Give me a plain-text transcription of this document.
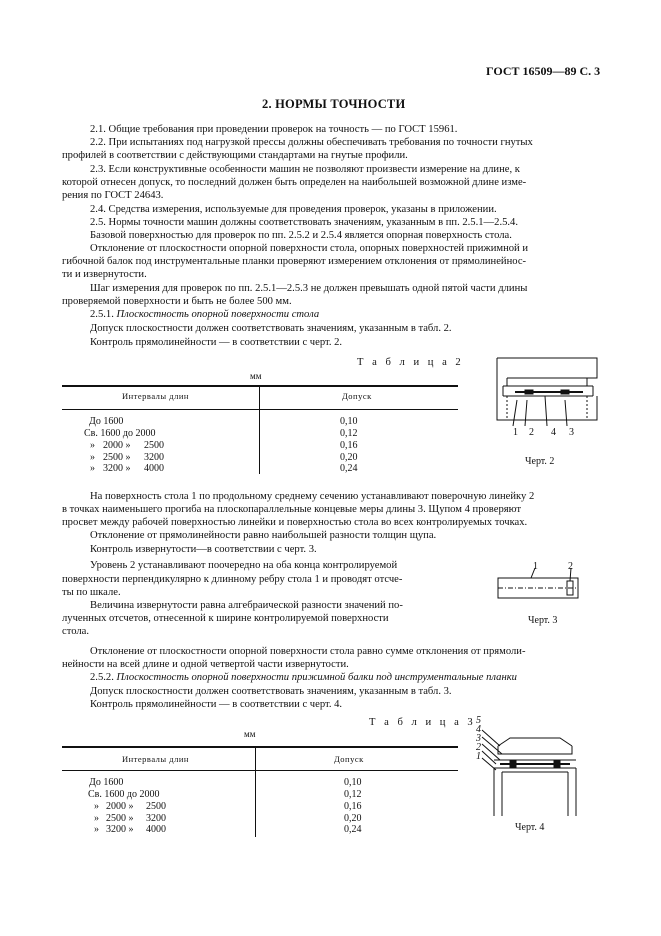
ГОСТ 16509—89 С. 3
2. НОРМЫ ТОЧНОСТИ
2.1. Общие требования при проведении проверок на точность — по ГОСТ 15961.
2.2. При испытаниях под нагрузкой прессы должны обеспечивать требования по точности гнутых
профилей в соответствии с действующими стандартами на гнутые профили.
2.3. Если конструктивные особенности машин не позволяют произвести измерение на длине, к
которой отнесен допуск, то последний должен быть определен на наибольшей возможной длине изме-
рения по ГОСТ 24643.
2.4. Средства измерения, используемые для проведения проверок, указаны в приложении.
2.5. Нормы точности машин должны соответствовать значениям, указанным в пп. 2.5.1—2.5.4.
Базовой поверхностью для проверок по пп. 2.5.2 и 2.5.4 является опорная поверхность стола.
Отклонение от плоскостности опорной поверхности стола, опорных поверхностей прижимной и
гибочной балок под инструментальные планки проверяют измерением отклонения от прямолинейнос-
ти и извернутости.
Шаг измерения для проверок по пп. 2.5.1—2.5.3 не должен превышать одной пятой части длины
проверяемой поверхности и быть не более 500 мм.
2.5.1. Плоскостность опорной поверхности стола
Допуск плоскостности должен соответствовать значениям, указанным в табл. 2.
Контроль прямолинейности — в соответствии с черт. 2.
Т а б л и ц а 2
мм
Интервалы длин	Допуск
До 1600	0,10
Св. 1600 до 2000	0,12
» 2000 » 2500	0,16
» 2500 » 3200	0,20
» 3200 » 4000	0,24
1 2 4 3
Черт. 2
На поверхность стола 1 по продольному среднему сечению устанавливают поверочную линейку 2
в точках наименьшего прогиба на плоскопараллельные концевые меры длины 3. Щупом 4 проверяют
просвет между рабочей поверхностью линейки и поверхностью стола во всех контролируемых точках.
Отклонение от прямолинейности равно наибольшей разности толщин щупа.
Контроль извернутости—в соответствии с черт. 3.
Уровень 2 устанавливают поочередно на оба конца контролируемой
поверхности перпендикулярно к длинному ребру стола 1 и проводят отсче-
ты по шкале.
Величина извернутости равна алгебраической разности значений по-
лученных отсчетов, отнесенной к ширине контролируемой поверхности
стола.
1	2
Черт. 3
Отклонение от плоскостности опорной поверхности стола равно сумме отклонения от прямоли-
нейности на всей длине и одной четвертой части извернутости.
2.5.2. Плоскостность опорной поверхности прижимной балки под инструментальные планки
Допуск плоскостности должен соответствовать значениям, указанным в табл. 3.
Контроль прямолинейности — в соответствии с черт. 4.
Т а б л и ц а 3
мм
Интервалы длин	Допуск
До 1600	0,10
Св. 1600 до 2000	0,12
» 2000 » 2500	0,16
» 2500 » 3200	0,20
» 3200 » 4000	0,24
5
4
3
2
1
Черт. 4
